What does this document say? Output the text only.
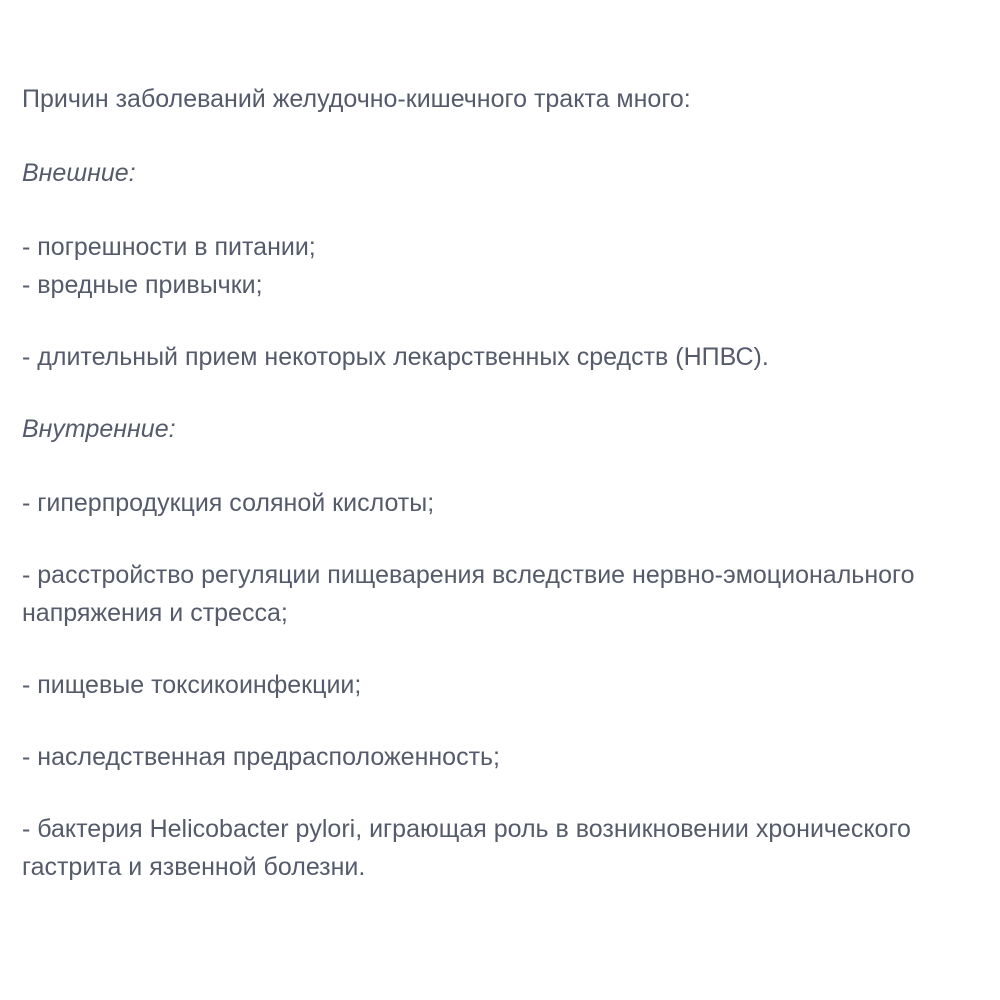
Причин заболеваний желудочно-кишечного тракта много:

Внешние:

- погрешности в питании;

- вредные привычки;

- длительный прием некоторых лекарственных средств (НПВС).

Внутренние:

- гиперпродукция соляной кислоты;

- расстройство регуляции пищеварения вследствие нервно-эмоционального напряжения и стресса;

- пищевые токсикоинфекции;

- наследственная предрасположенность;

- бактерия Helicobacter pylori, играющая роль в возникновении хронического гастрита и язвенной болезни.
